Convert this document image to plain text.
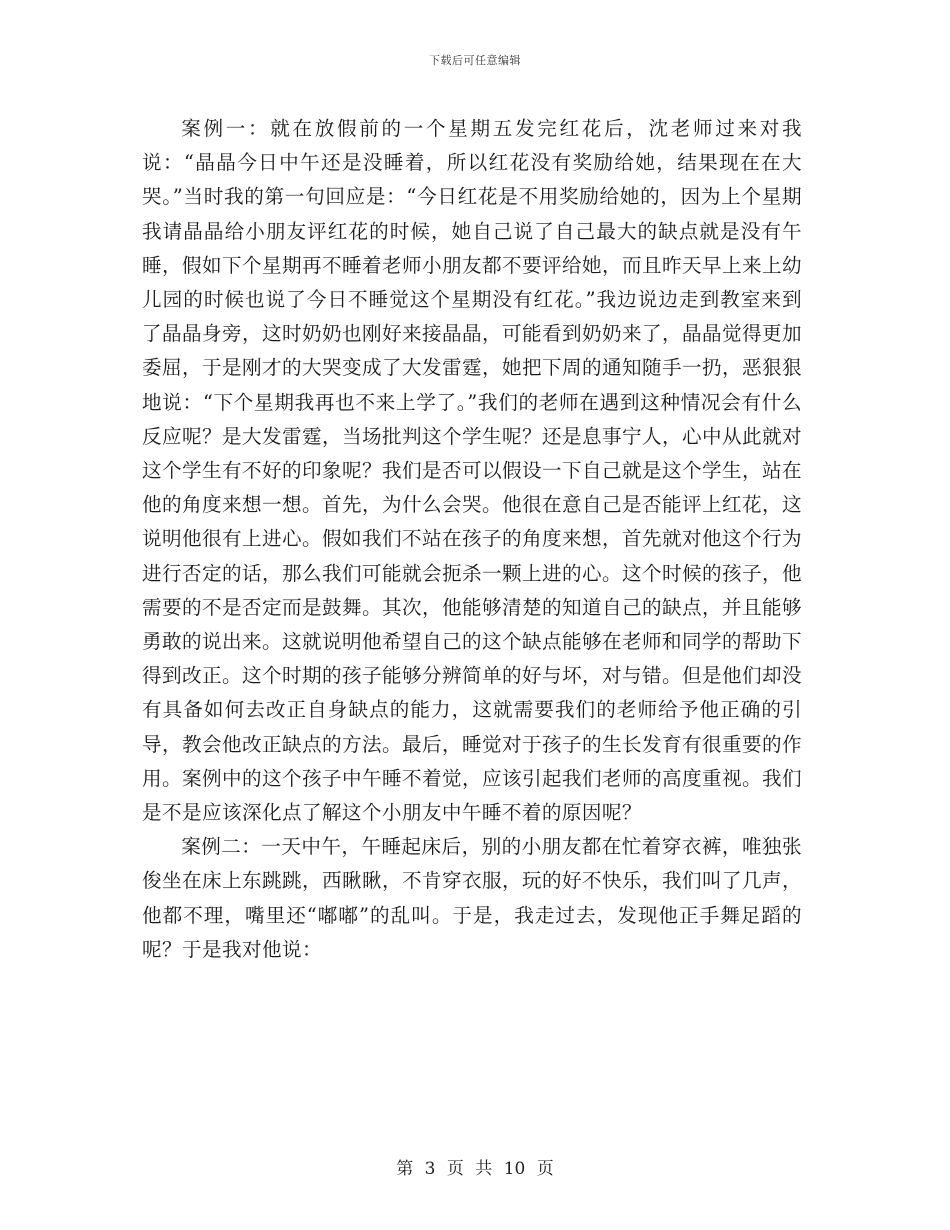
下载后可任意编辑

案例一：就在放假前的一个星期五发完红花后，沈老师过来对我说：“晶晶今日中午还是没睡着，所以红花没有奖励给她，结果现在在大哭。”当时我的第一句回应是：“今日红花是不用奖励给她的，因为上个星期我请晶晶给小朋友评红花的时候，她自己说了自己最大的缺点就是没有午睡，假如下个星期再不睡着老师小朋友都不要评给她，而且昨天早上来上幼儿园的时候也说了今日不睡觉这个星期没有红花。”我边说边走到教室来到了晶晶身旁，这时奶奶也刚好来接晶晶，可能看到奶奶来了，晶晶觉得更加委屈，于是刚才的大哭变成了大发雷霆，她把下周的通知随手一扔，恶狠狠地说：“下个星期我再也不来上学了。”我们的老师在遇到这种情况会有什么反应呢？是大发雷霆，当场批判这个学生呢？还是息事宁人，心中从此就对这个学生有不好的印象呢？我们是否可以假设一下自己就是这个学生，站在他的角度来想一想。首先，为什么会哭。他很在意自己是否能评上红花，这说明他很有上进心。假如我们不站在孩子的角度来想，首先就对他这个行为进行否定的话，那么我们可能就会扼杀一颗上进的心。这个时候的孩子，他需要的不是否定而是鼓舞。其次，他能够清楚的知道自己的缺点，并且能够勇敢的说出来。这就说明他希望自己的这个缺点能够在老师和同学的帮助下得到改正。这个时期的孩子能够分辨简单的好与坏，对与错。但是他们却没有具备如何去改正自身缺点的能力，这就需要我们的老师给予他正确的引导，教会他改正缺点的方法。最后，睡觉对于孩子的生长发育有很重要的作用。案例中的这个孩子中午睡不着觉，应该引起我们老师的高度重视。我们是不是应该深化点了解这个小朋友中午睡不着的原因呢？

案例二：一天中午，午睡起床后，别的小朋友都在忙着穿衣裤，唯独张俊坐在床上东跳跳，西瞅瞅，不肯穿衣服，玩的好不快乐，我们叫了几声，他都不理，嘴里还“嘟嘟”的乱叫。于是，我走过去，发现他正手舞足蹈的呢？于是我对他说：

第 3 页 共 10 页
